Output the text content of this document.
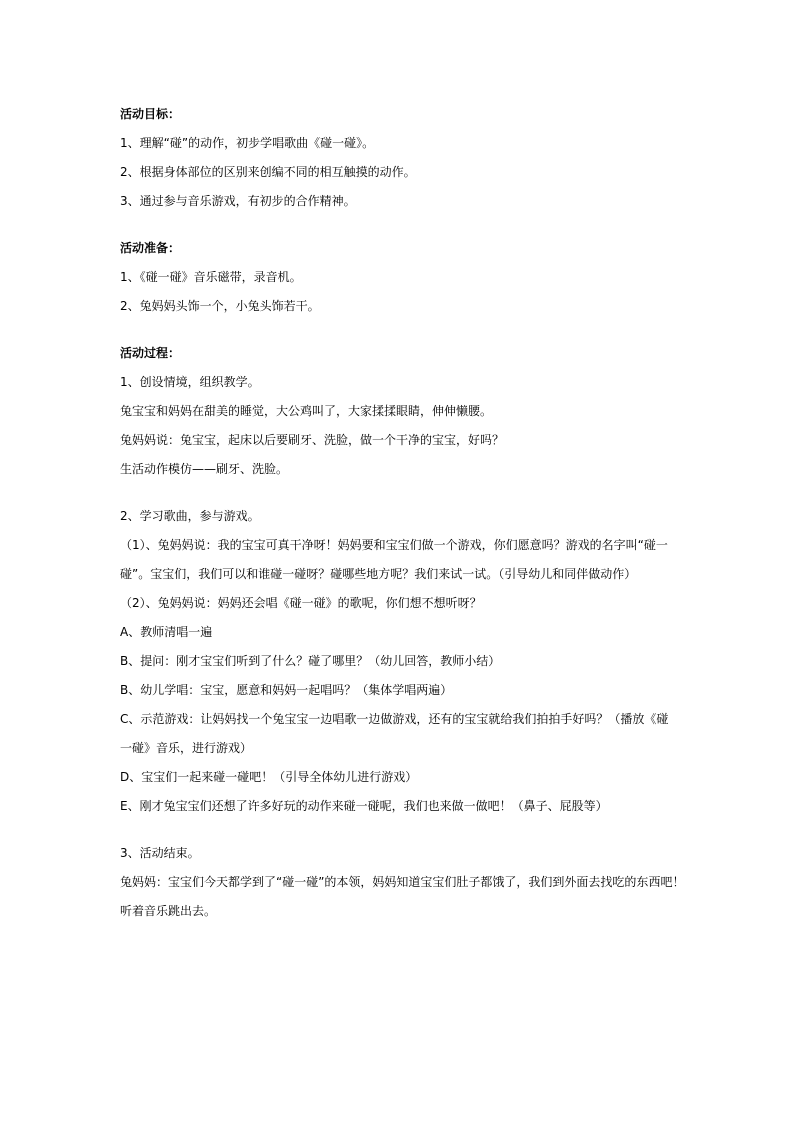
活动目标：

1、理解“碰”的动作，初步学唱歌曲《碰一碰》。

2、根据身体部位的区别来创编不同的相互触摸的动作。

3、通过参与音乐游戏，有初步的合作精神。

活动准备：

1、《碰一碰》音乐磁带，录音机。

2、兔妈妈头饰一个，小兔头饰若干。

活动过程：

1、创设情境，组织教学。

兔宝宝和妈妈在甜美的睡觉，大公鸡叫了，大家揉揉眼睛，伸伸懒腰。

兔妈妈说：兔宝宝，起床以后要刷牙、洗脸，做一个干净的宝宝，好吗？

生活动作模仿——刷牙、洗脸。

2、学习歌曲，参与游戏。

（1）、兔妈妈说：我的宝宝可真干净呀！妈妈要和宝宝们做一个游戏，你们愿意吗？游戏的名字叫“碰一

碰”。宝宝们，我们可以和谁碰一碰呀？碰哪些地方呢？我们来试一试。（引导幼儿和同伴做动作）

（2）、兔妈妈说：妈妈还会唱《碰一碰》的歌呢，你们想不想听呀？

A、教师清唱一遍

B、提问：刚才宝宝们听到了什么？碰了哪里？（幼儿回答，教师小结）

B、幼儿学唱：宝宝，愿意和妈妈一起唱吗？（集体学唱两遍）

C、示范游戏：让妈妈找一个兔宝宝一边唱歌一边做游戏，还有的宝宝就给我们拍拍手好吗？（播放《碰

一碰》音乐，进行游戏）

D、宝宝们一起来碰一碰吧！（引导全体幼儿进行游戏）

E、刚才兔宝宝们还想了许多好玩的动作来碰一碰呢，我们也来做一做吧！（鼻子、屁股等）

3、活动结束。

兔妈妈：宝宝们今天都学到了“碰一碰”的本领，妈妈知道宝宝们肚子都饿了，我们到外面去找吃的东西吧！

听着音乐跳出去。
